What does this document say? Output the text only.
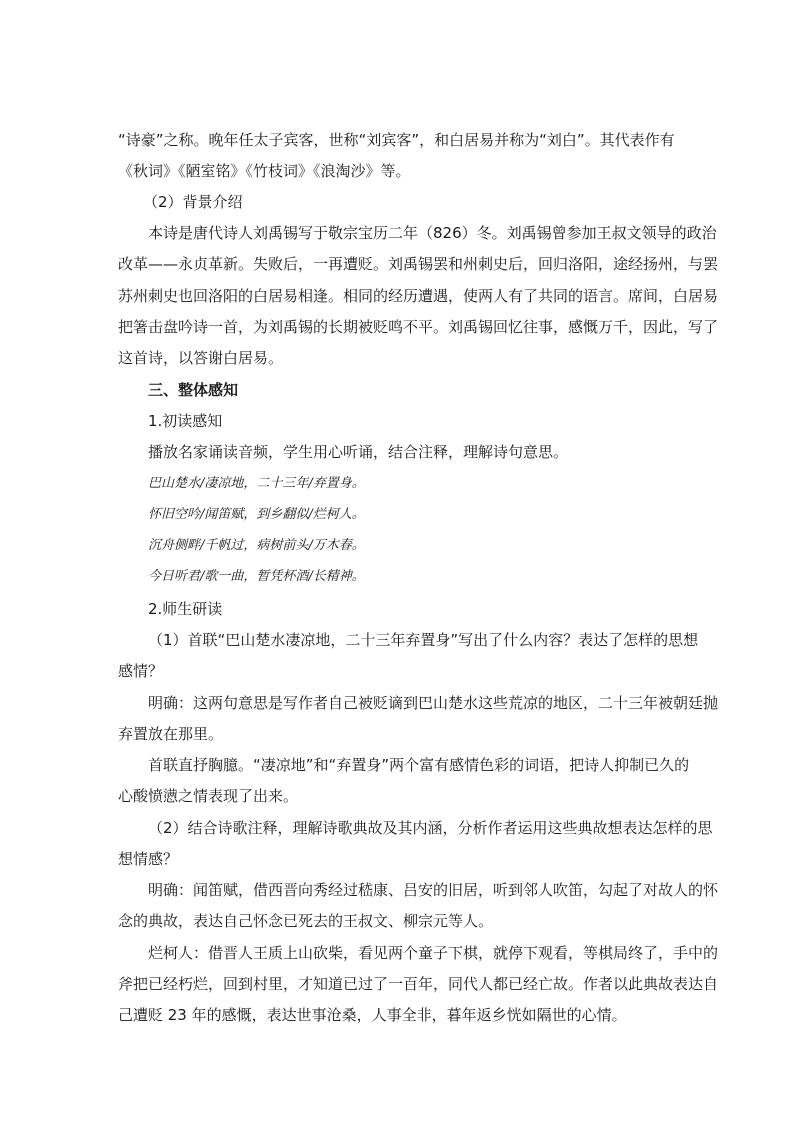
“诗豪”之称。晚年任太子宾客，世称“刘宾客”，和白居易并称为“刘白”。其代表作有
《秋词》《陋室铭》《竹枝词》《浪淘沙》等。
（2）背景介绍
本诗是唐代诗人刘禹锡写于敬宗宝历二年（826）冬。刘禹锡曾参加王叔文领导的政治
改革——永贞革新。失败后，一再遭贬。刘禹锡罢和州刺史后，回归洛阳，途经扬州，与罢
苏州刺史也回洛阳的白居易相逢。相同的经历遭遇，使两人有了共同的语言。席间，白居易
把箸击盘吟诗一首，为刘禹锡的长期被贬鸣不平。刘禹锡回忆往事，感慨万千，因此，写了
这首诗，以答谢白居易。
三、整体感知
1.初读感知
播放名家诵读音频，学生用心听诵，结合注释，理解诗句意思。
巴山楚水/凄凉地，二十三年/弃置身。
怀旧空吟/闻笛赋，到乡翻似/烂柯人。
沉舟侧畔/千帆过，病树前头/万木春。
今日听君/歌一曲，暂凭杯酒/长精神。
2.师生研读
（1）首联“巴山楚水凄凉地，二十三年弃置身”写出了什么内容？表达了怎样的思想
感情？
明确：这两句意思是写作者自己被贬谪到巴山楚水这些荒凉的地区，二十三年被朝廷抛
弃置放在那里。
首联直抒胸臆。“凄凉地”和“弃置身”两个富有感情色彩的词语，把诗人抑制已久的
心酸愤懑之情表现了出来。
（2）结合诗歌注释，理解诗歌典故及其内涵，分析作者运用这些典故想表达怎样的思
想情感？
明确：闻笛赋，借西晋向秀经过嵇康、吕安的旧居，听到邻人吹笛，勾起了对故人的怀
念的典故，表达自己怀念已死去的王叔文、柳宗元等人。
烂柯人：借晋人王质上山砍柴，看见两个童子下棋，就停下观看，等棋局终了，手中的
斧把已经朽烂，回到村里，才知道已过了一百年，同代人都已经亡故。作者以此典故表达自
己遭贬 23 年的感慨，表达世事沧桑，人事全非，暮年返乡恍如隔世的心情。
